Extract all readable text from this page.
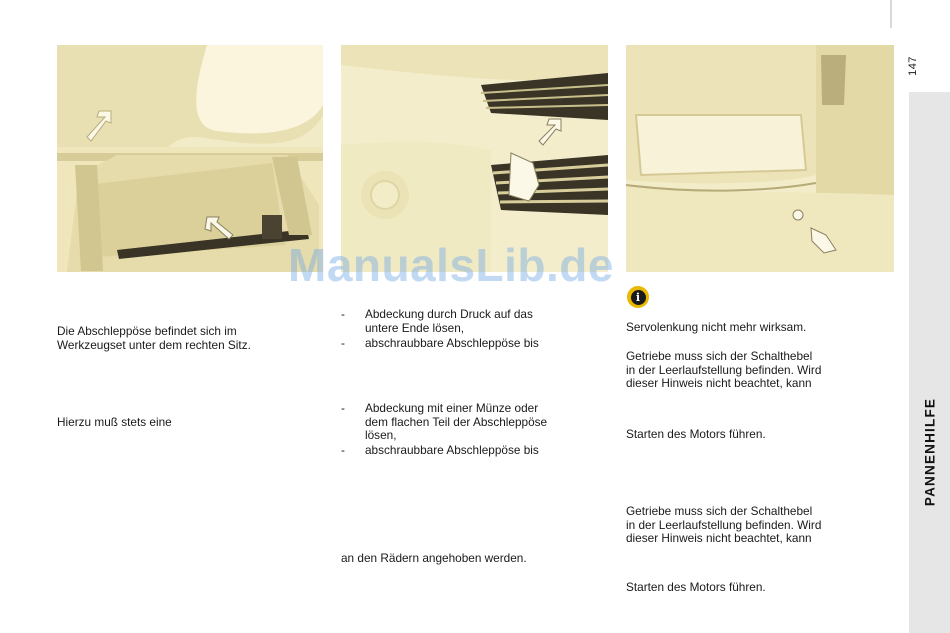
147
PANNENHILFE
ManualsLib.de
Die Abschleppöse befindet sich im
Werkzeugset unter dem rechten Sitz.
Hierzu muß stets eine
- Abdeckung durch Druck auf das
untere Ende lösen,
- abschraubbare Abschleppöse bis
- Abdeckung mit einer Münze oder
dem flachen Teil der Abschleppöse
lösen,
- abschraubbare Abschleppöse bis
an den Rädern angehoben werden.
i
Servolenkung nicht mehr wirksam.
Getriebe muss sich der Schalthebel
in der Leerlaufstellung befinden. Wird
dieser Hinweis nicht beachtet, kann
Starten des Motors führen.
Getriebe muss sich der Schalthebel
in der Leerlaufstellung befinden. Wird
dieser Hinweis nicht beachtet, kann
Starten des Motors führen.
